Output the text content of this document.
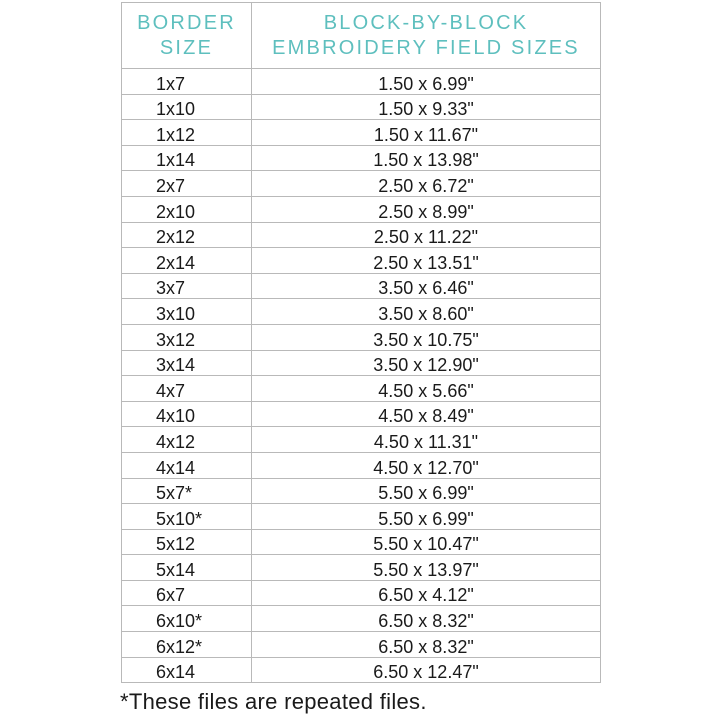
BORDER
SIZE	BLOCK-BY-BLOCK
EMBROIDERY FIELD SIZES

1x7	1.50 x 6.99"
1x10	1.50 x 9.33"
1x12	1.50 x 11.67"
1x14	1.50 x 13.98"
2x7	2.50 x 6.72"
2x10	2.50 x 8.99"
2x12	2.50 x 11.22"
2x14	2.50 x 13.51"
3x7	3.50 x 6.46"
3x10	3.50 x 8.60"
3x12	3.50 x 10.75"
3x14	3.50 x 12.90"
4x7	4.50 x 5.66"
4x10	4.50 x 8.49"
4x12	4.50 x 11.31"
4x14	4.50 x 12.70"
5x7*	5.50 x 6.99"
5x10*	5.50 x 6.99"
5x12	5.50 x 10.47"
5x14	5.50 x 13.97"
6x7	6.50 x 4.12"
6x10*	6.50 x 8.32"
6x12*	6.50 x 8.32"
6x14	6.50 x 12.47"
*These files are repeated files.
